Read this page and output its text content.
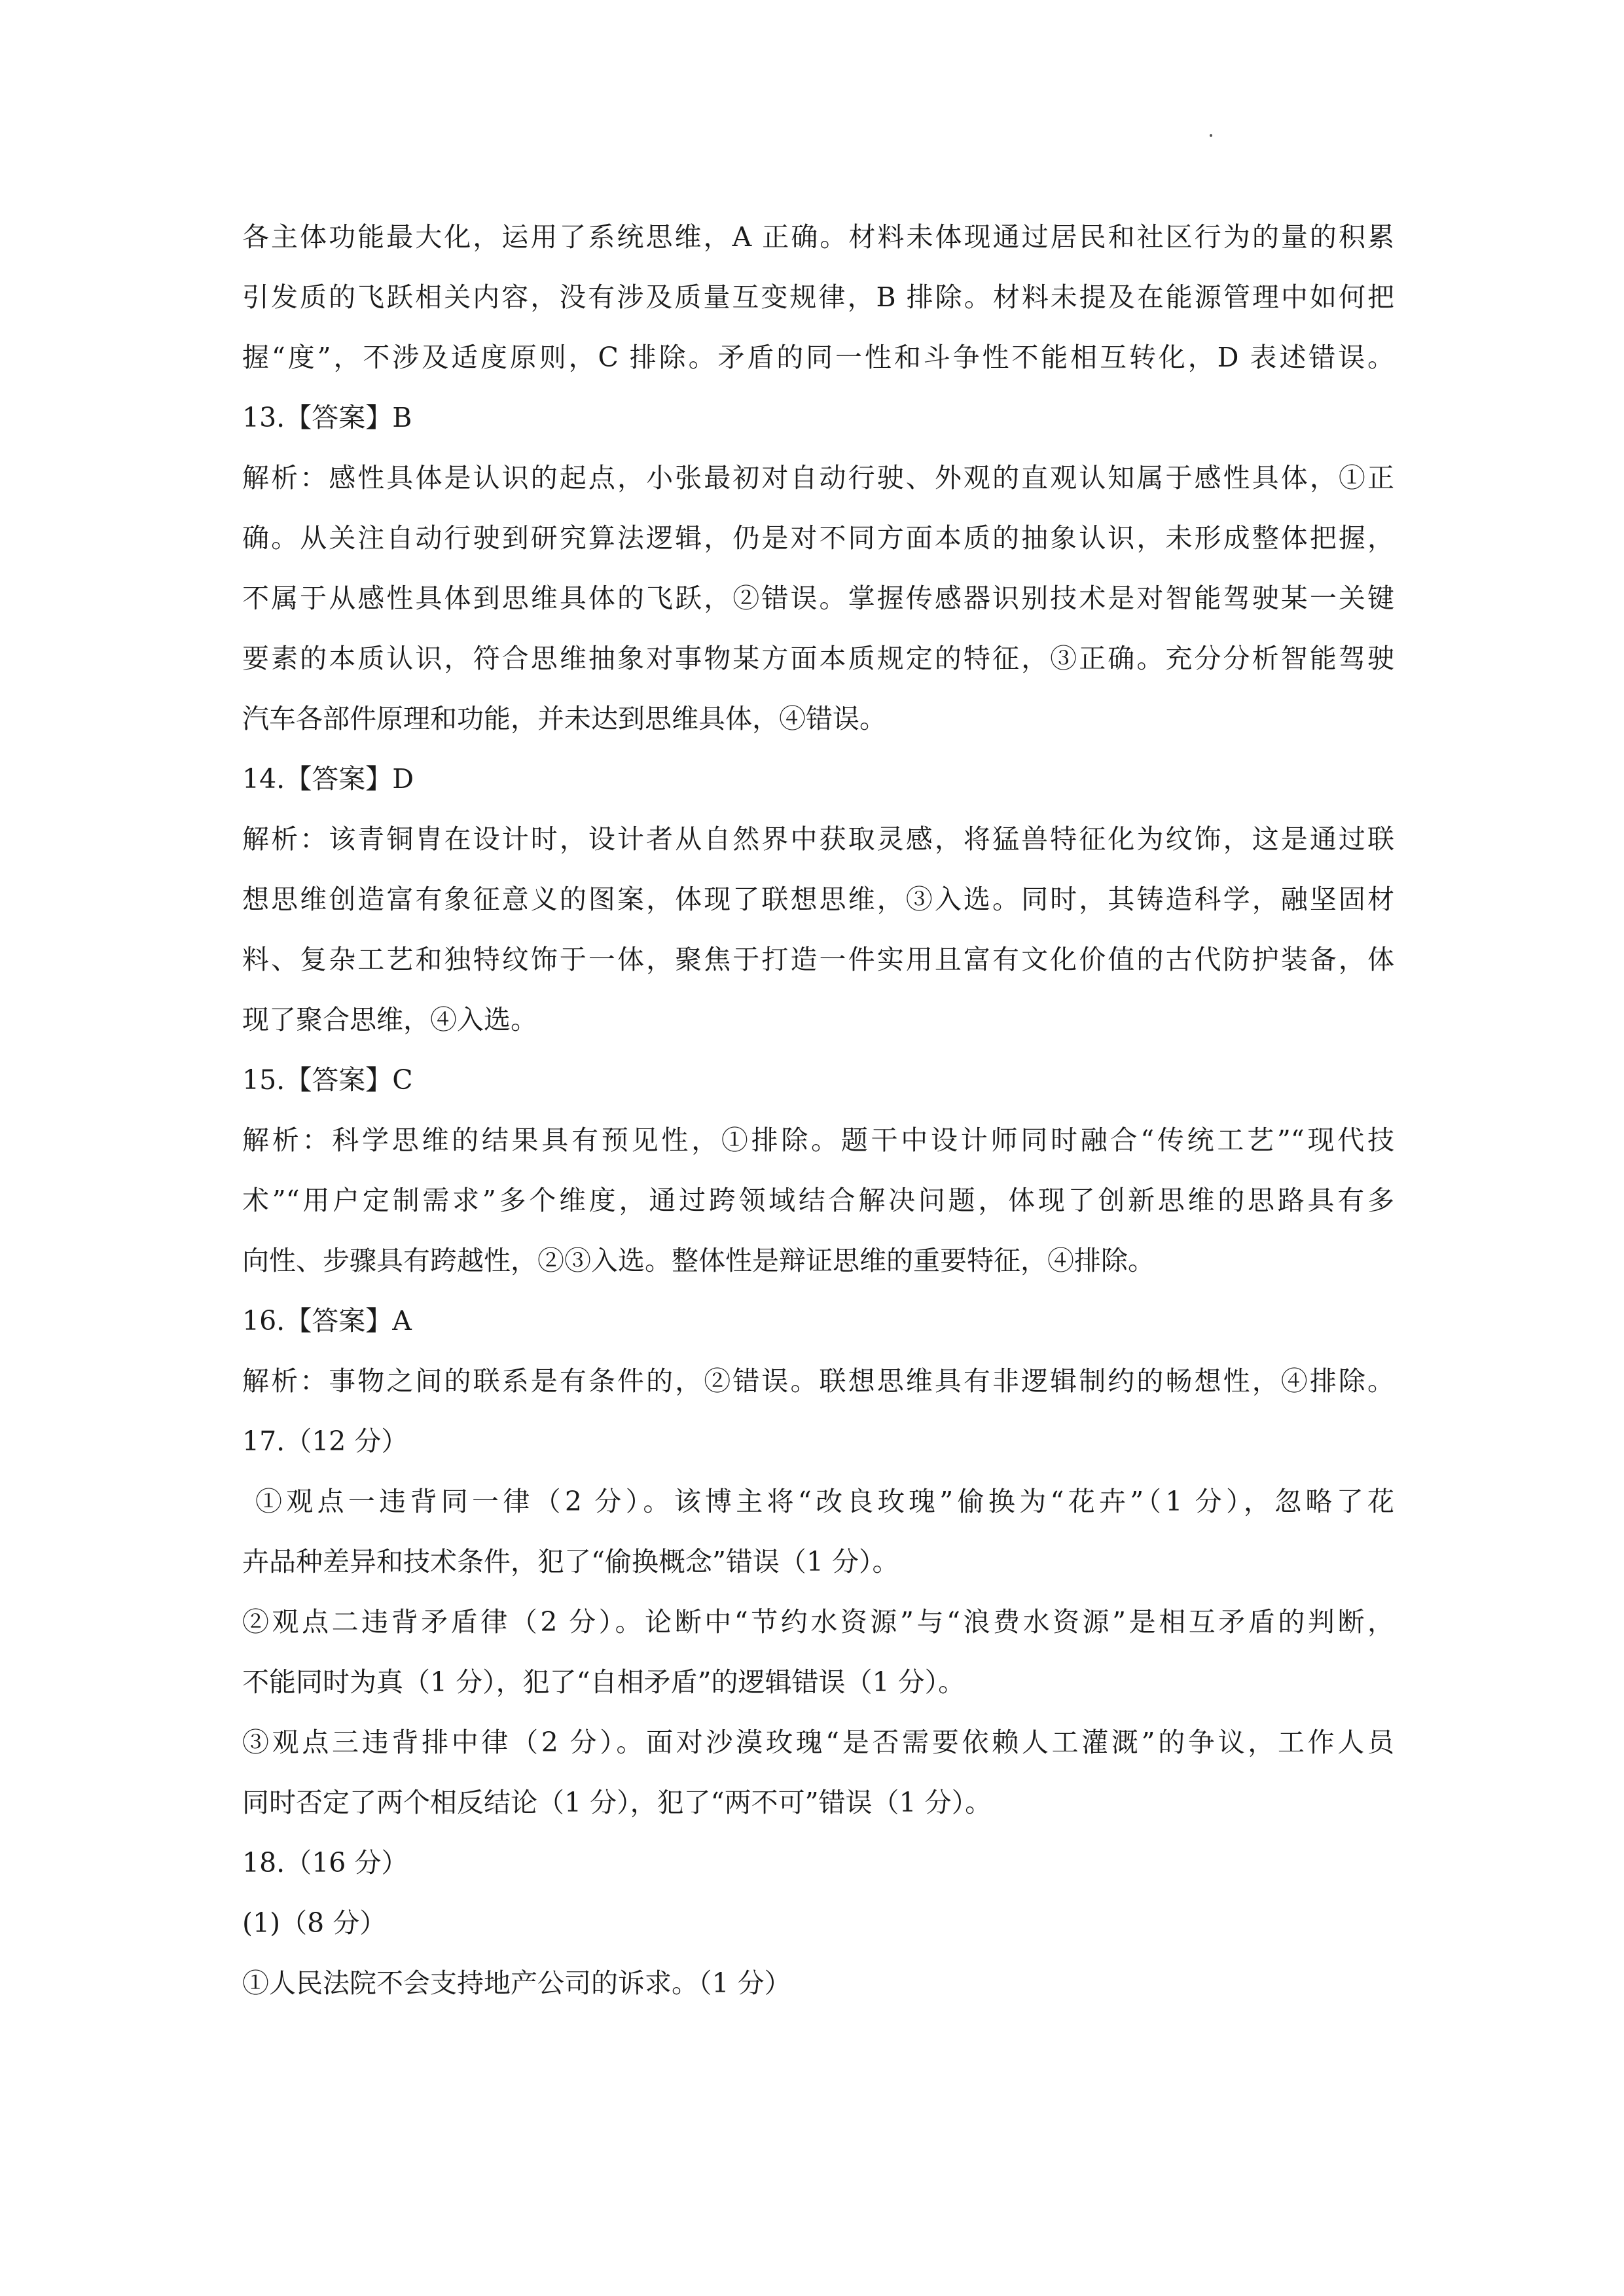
各主体功能最大化，运用了系统思维，A 正确。材料未体现通过居民和社区行为的量的积累
引发质的飞跃相关内容，没有涉及质量互变规律，B 排除。材料未提及在能源管理中如何把
握“度”，不涉及适度原则，C 排除。矛盾的同一性和斗争性不能相互转化，D 表述错误。
13.【答案】B
解析：感性具体是认识的起点，小张最初对自动行驶、外观的直观认知属于感性具体，①正
确。从关注自动行驶到研究算法逻辑，仍是对不同方面本质的抽象认识，未形成整体把握，
不属于从感性具体到思维具体的飞跃，②错误。掌握传感器识别技术是对智能驾驶某一关键
要素的本质认识，符合思维抽象对事物某方面本质规定的特征，③正确。充分分析智能驾驶
汽车各部件原理和功能，并未达到思维具体，④错误。
14.【答案】D
解析：该青铜胄在设计时，设计者从自然界中获取灵感，将猛兽特征化为纹饰，这是通过联
想思维创造富有象征意义的图案，体现了联想思维，③入选。同时，其铸造科学，融坚固材
料、复杂工艺和独特纹饰于一体，聚焦于打造一件实用且富有文化价值的古代防护装备，体
现了聚合思维，④入选。
15.【答案】C
解析：科学思维的结果具有预见性，①排除。题干中设计师同时融合“传统工艺”“现代技
术”“用户定制需求”多个维度，通过跨领域结合解决问题，体现了创新思维的思路具有多
向性、步骤具有跨越性，②③入选。整体性是辩证思维的重要特征，④排除。
16.【答案】A
解析：事物之间的联系是有条件的，②错误。联想思维具有非逻辑制约的畅想性，④排除。
17.（12 分）
①观点一违背同一律（2 分）。该博主将“改良玫瑰”偷换为“花卉”（1 分），忽略了花
卉品种差异和技术条件，犯了“偷换概念”错误（1 分）。
②观点二违背矛盾律（2 分）。论断中“节约水资源”与“浪费水资源”是相互矛盾的判断，
不能同时为真（1 分），犯了“自相矛盾”的逻辑错误（1 分）。
③观点三违背排中律（2 分）。面对沙漠玫瑰“是否需要依赖人工灌溉”的争议，工作人员
同时否定了两个相反结论（1 分），犯了“两不可”错误（1 分）。
18.（16 分）
(1)（8 分）
①人民法院不会支持地产公司的诉求。（1 分）
